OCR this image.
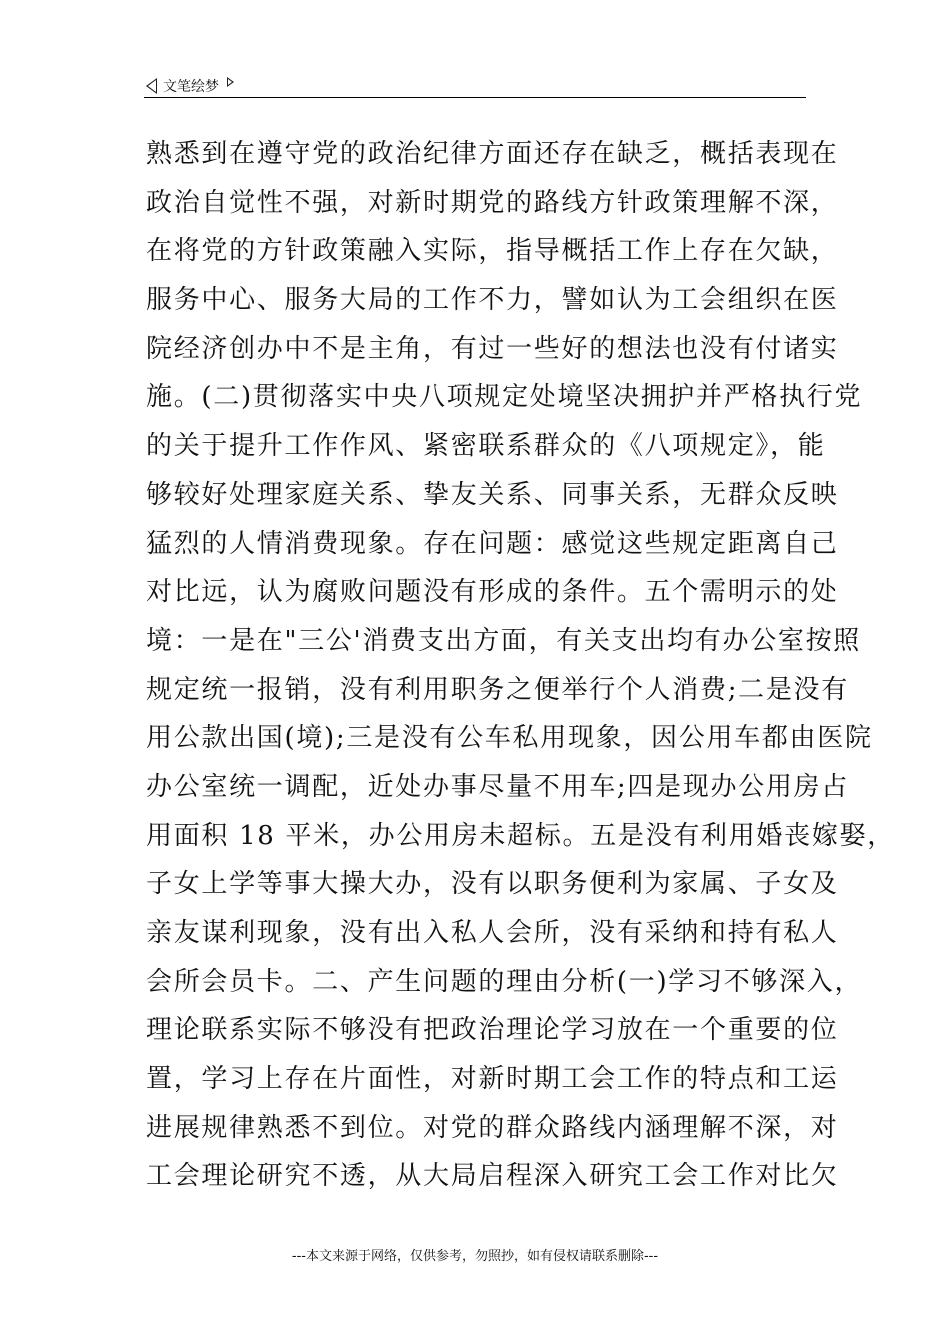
文笔绘梦
熟悉到在遵守党的政治纪律方面还存在缺乏，概括表现在
政治自觉性不强，对新时期党的路线方针政策理解不深，
在将党的方针政策融入实际，指导概括工作上存在欠缺，
服务中心、服务大局的工作不力，譬如认为工会组织在医
院经济创办中不是主角，有过一些好的想法也没有付诸实
施。(二)贯彻落实中央八项规定处境坚决拥护并严格执行党
的关于提升工作作风、紧密联系群众的《八项规定》，能
够较好处理家庭关系、挚友关系、同事关系，无群众反映
猛烈的人情消费现象。存在问题：感觉这些规定距离自己
对比远，认为腐败问题没有形成的条件。五个需明示的处
境：一是在"三公'消费支出方面，有关支出均有办公室按照
规定统一报销，没有利用职务之便举行个人消费;二是没有
用公款出国(境);三是没有公车私用现象，因公用车都由医院
办公室统一调配，近处办事尽量不用车;四是现办公用房占
用面积 18 平米，办公用房未超标。五是没有利用婚丧嫁娶，
子女上学等事大操大办，没有以职务便利为家属、子女及
亲友谋利现象，没有出入私人会所，没有采纳和持有私人
会所会员卡。二、产生问题的理由分析(一)学习不够深入，
理论联系实际不够没有把政治理论学习放在一个重要的位
置，学习上存在片面性，对新时期工会工作的特点和工运
进展规律熟悉不到位。对党的群众路线内涵理解不深，对
工会理论研究不透，从大局启程深入研究工会工作对比欠
---本文来源于网络，仅供参考，勿照抄，如有侵权请联系删除---
